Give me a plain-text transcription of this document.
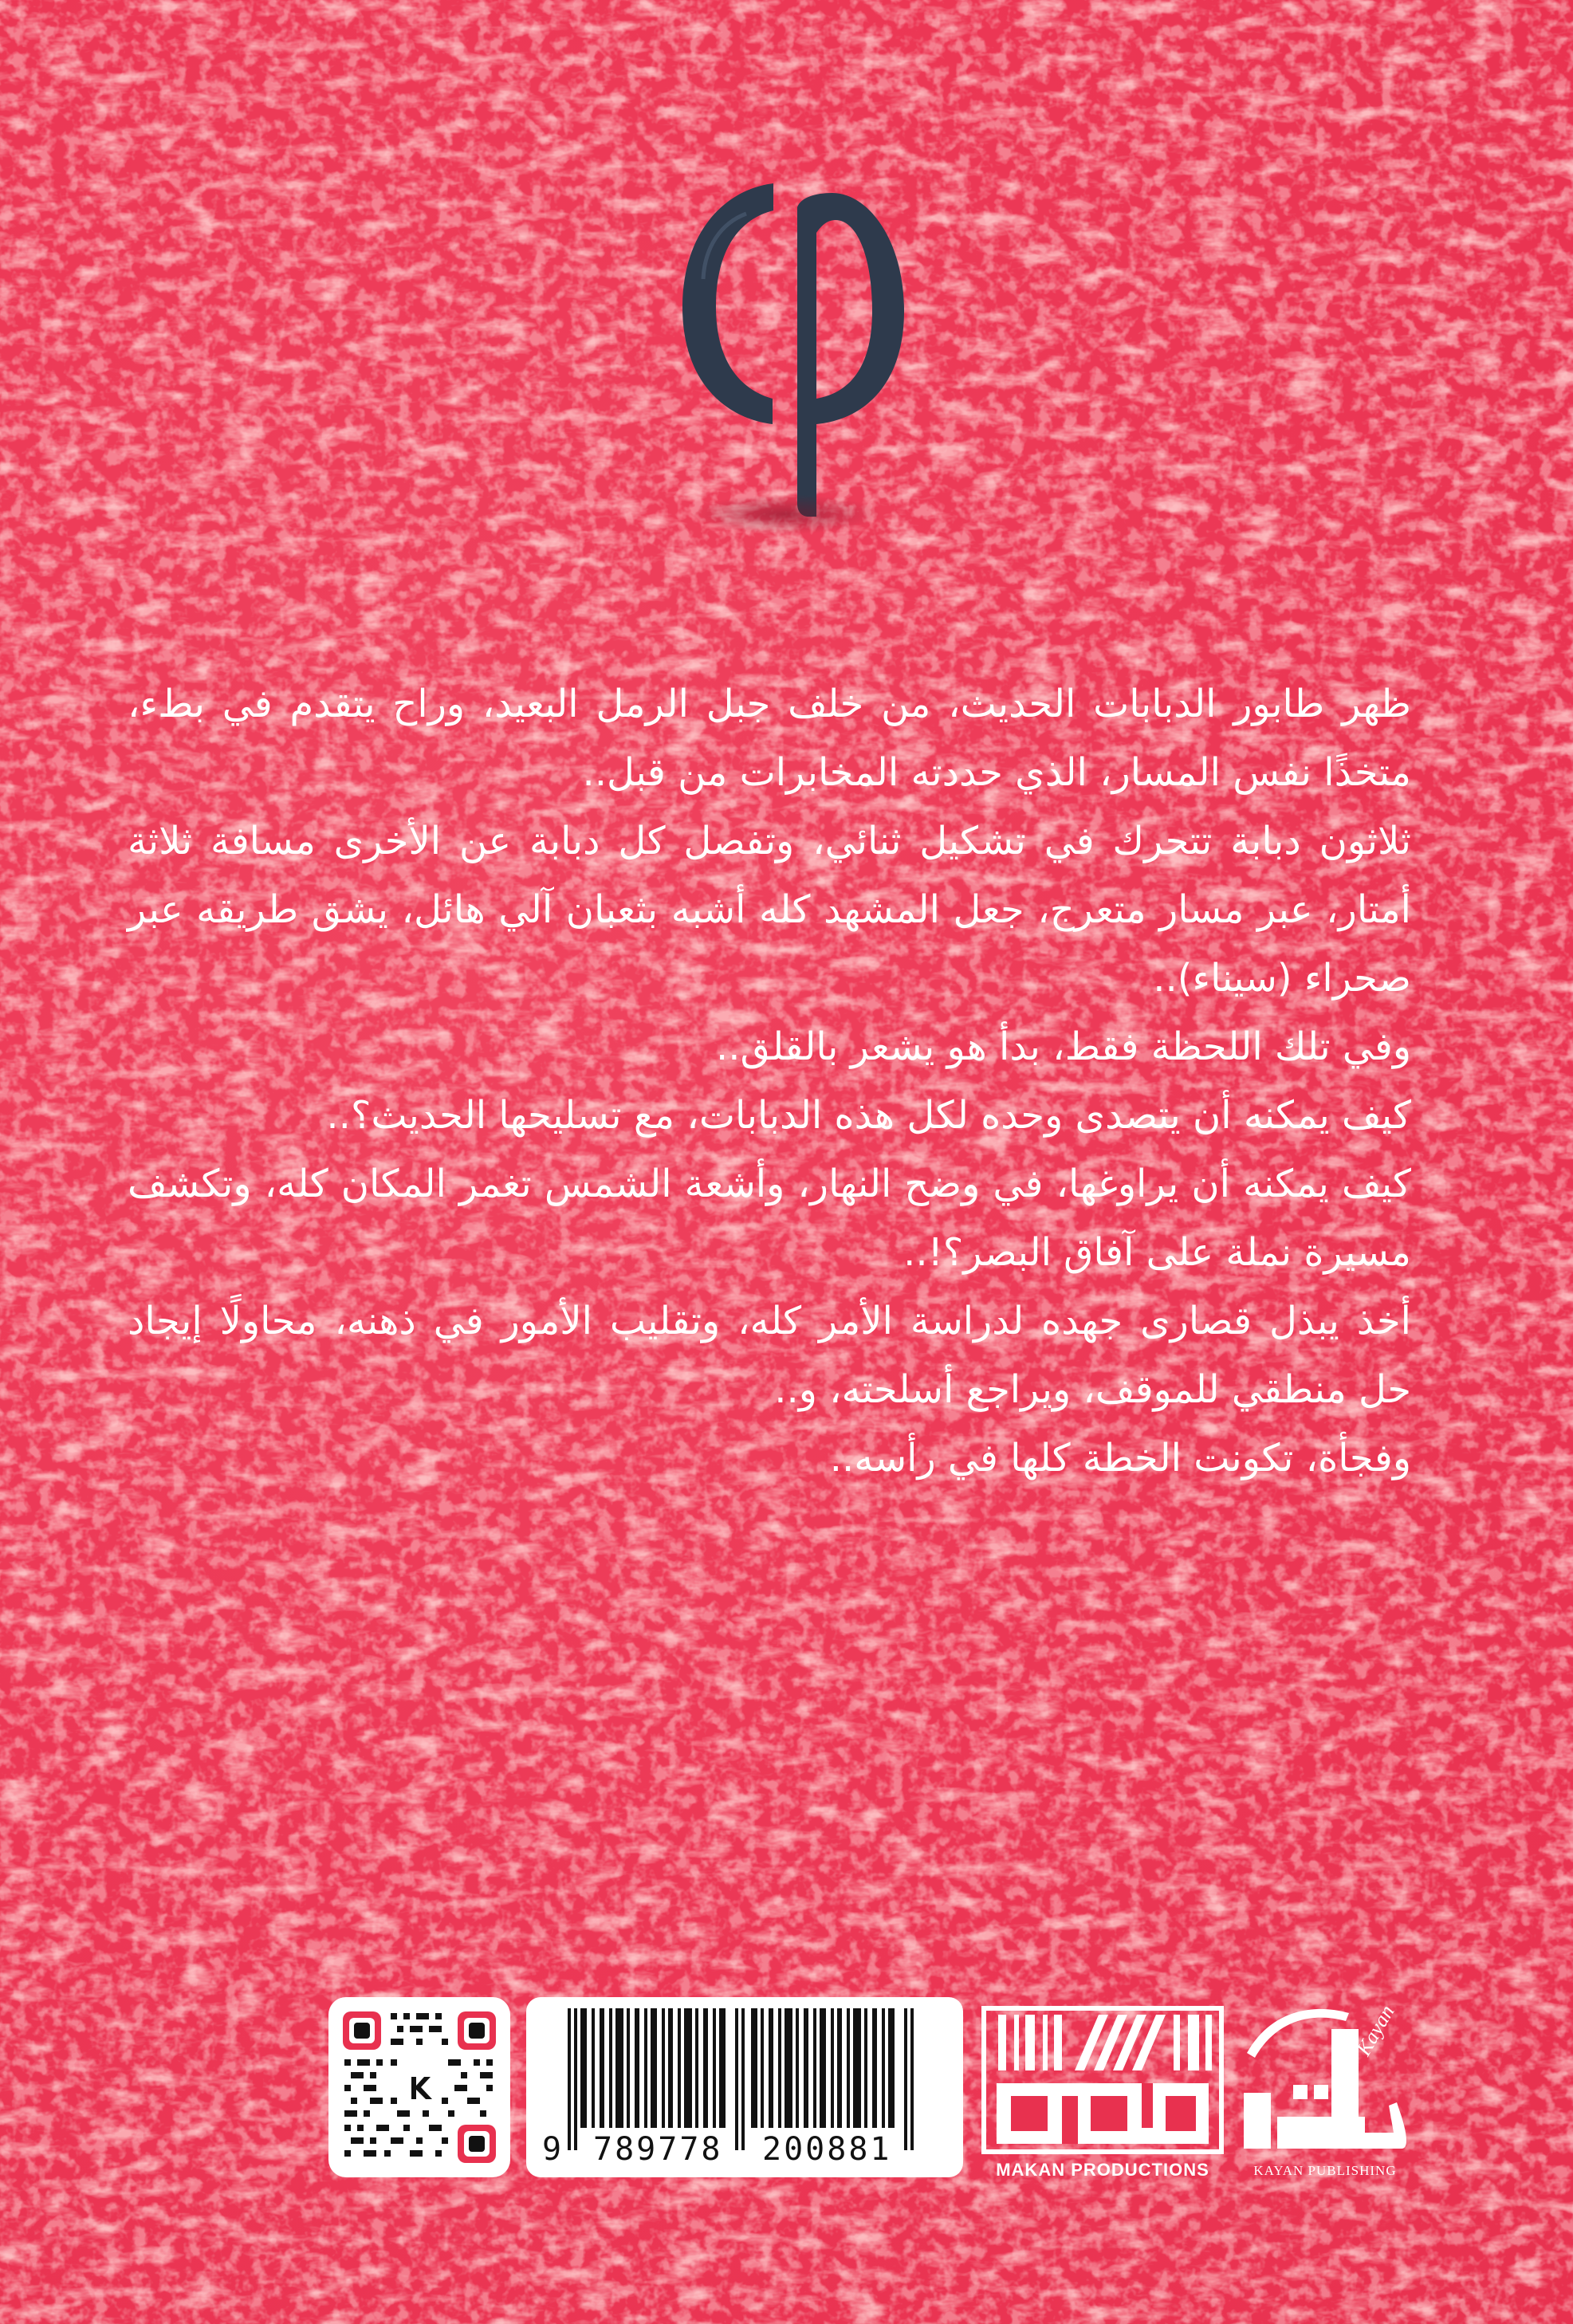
ظهر طابور الدبابات الحديث، من خلف جبل الرمل البعيد، وراح يتقدم في بطء، متخذًا نفس المسار، الذي حددته المخابرات من قبل..

ثلاثون دبابة تتحرك في تشكيل ثنائي، وتفصل كل دبابة عن الأخرى مسافة ثلاثة أمتار، عبر مسار متعرج، جعل المشهد كله أشبه بثعبان آلي هائل، يشق طريقه عبر صحراء (سيناء)..

وفي تلك اللحظة فقط، بدأ هو يشعر بالقلق..

كيف يمكنه أن يتصدى وحده لكل هذه الدبابات، مع تسليحها الحديث؟..

كيف يمكنه أن يراوغها، في وضح النهار، وأشعة الشمس تغمر المكان كله، وتكشف مسيرة نملة على آفاق البصر؟!..

أخذ يبذل قصارى جهده لدراسة الأمر كله، وتقليب الأمور في ذهنه، محاولًا إيجاد حل منطقي للموقف، ويراجع أسلحته، و..

وفجأة، تكونت الخطة كلها في رأسه..

9 789778 200881
MAKAN PRODUCTIONS
Kayan
KAYAN PUBLISHING
